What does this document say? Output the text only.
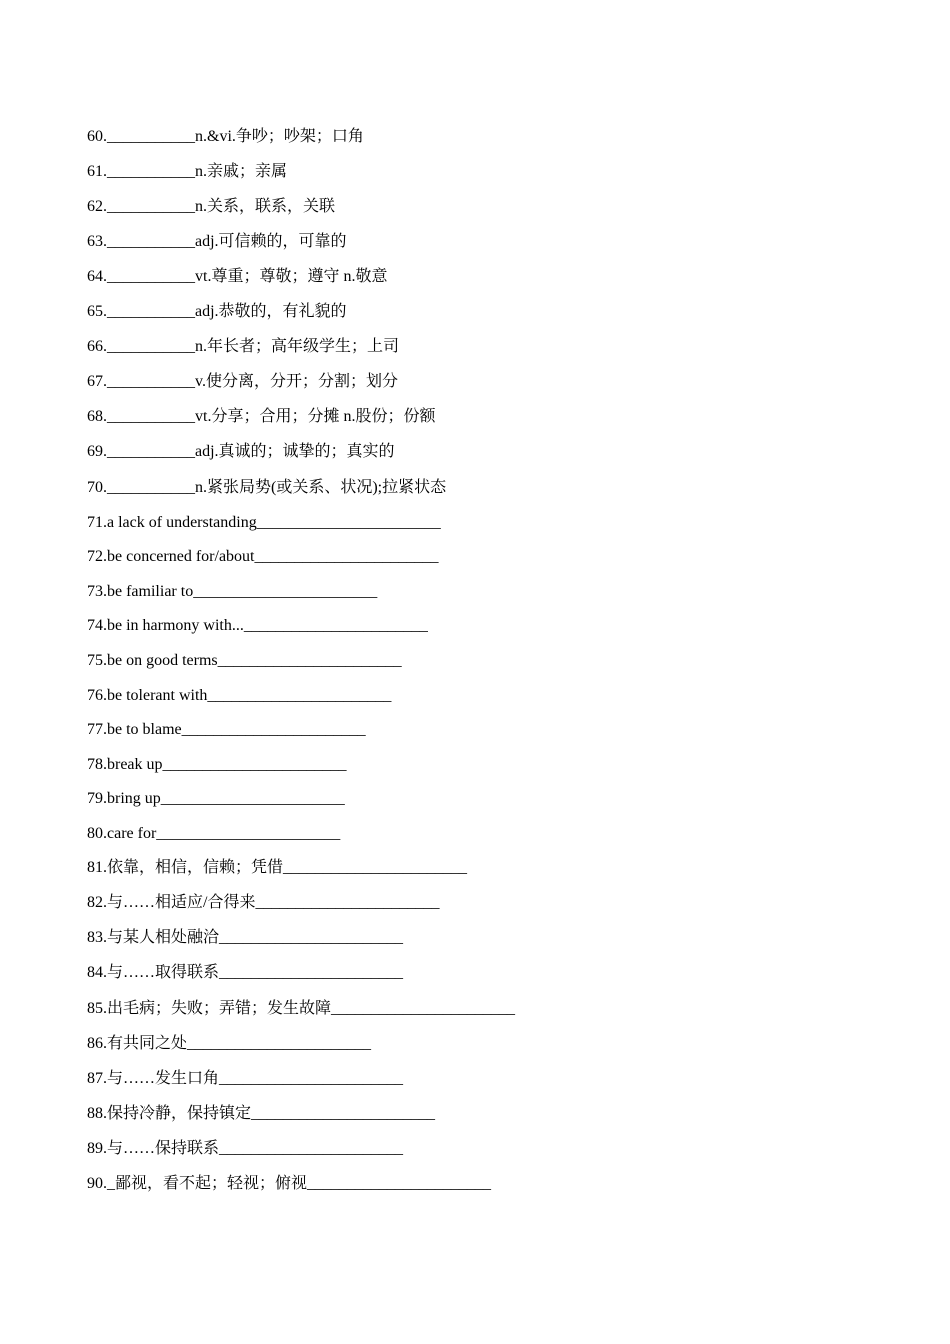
60.___________n.&vi.争吵；吵架；口角
61.___________n.亲戚；亲属
62.___________n.关系，联系，关联
63.___________adj.可信赖的，可靠的
64.___________vt.尊重；尊敬；遵守 n.敬意
65.___________adj.恭敬的，有礼貌的
66.___________n.年长者；高年级学生；上司
67.___________v.使分离，分开；分割；划分
68.___________vt.分享；合用；分摊 n.股份；份额
69.___________adj.真诚的；诚挚的；真实的
70.___________n.紧张局势(或关系、状况);拉紧状态
71.a lack of understanding_______________________
72.be concerned for/about_______________________
73.be familiar to_______________________
74.be in harmony with..._______________________
75.be on good terms_______________________
76.be tolerant with_______________________
77.be to blame_______________________
78.break up_______________________
79.bring up_______________________
80.care for_______________________
81.依靠，相信，信赖；凭借_______________________
82.与……相适应/合得来_______________________
83.与某人相处融洽_______________________
84.与……取得联系_______________________
85.出毛病；失败；弄错；发生故障_______________________
86.有共同之处_______________________
87.与……发生口角_______________________
88.保持冷静，保持镇定_______________________
89.与……保持联系_______________________
90._鄙视，看不起；轻视；俯视_______________________
